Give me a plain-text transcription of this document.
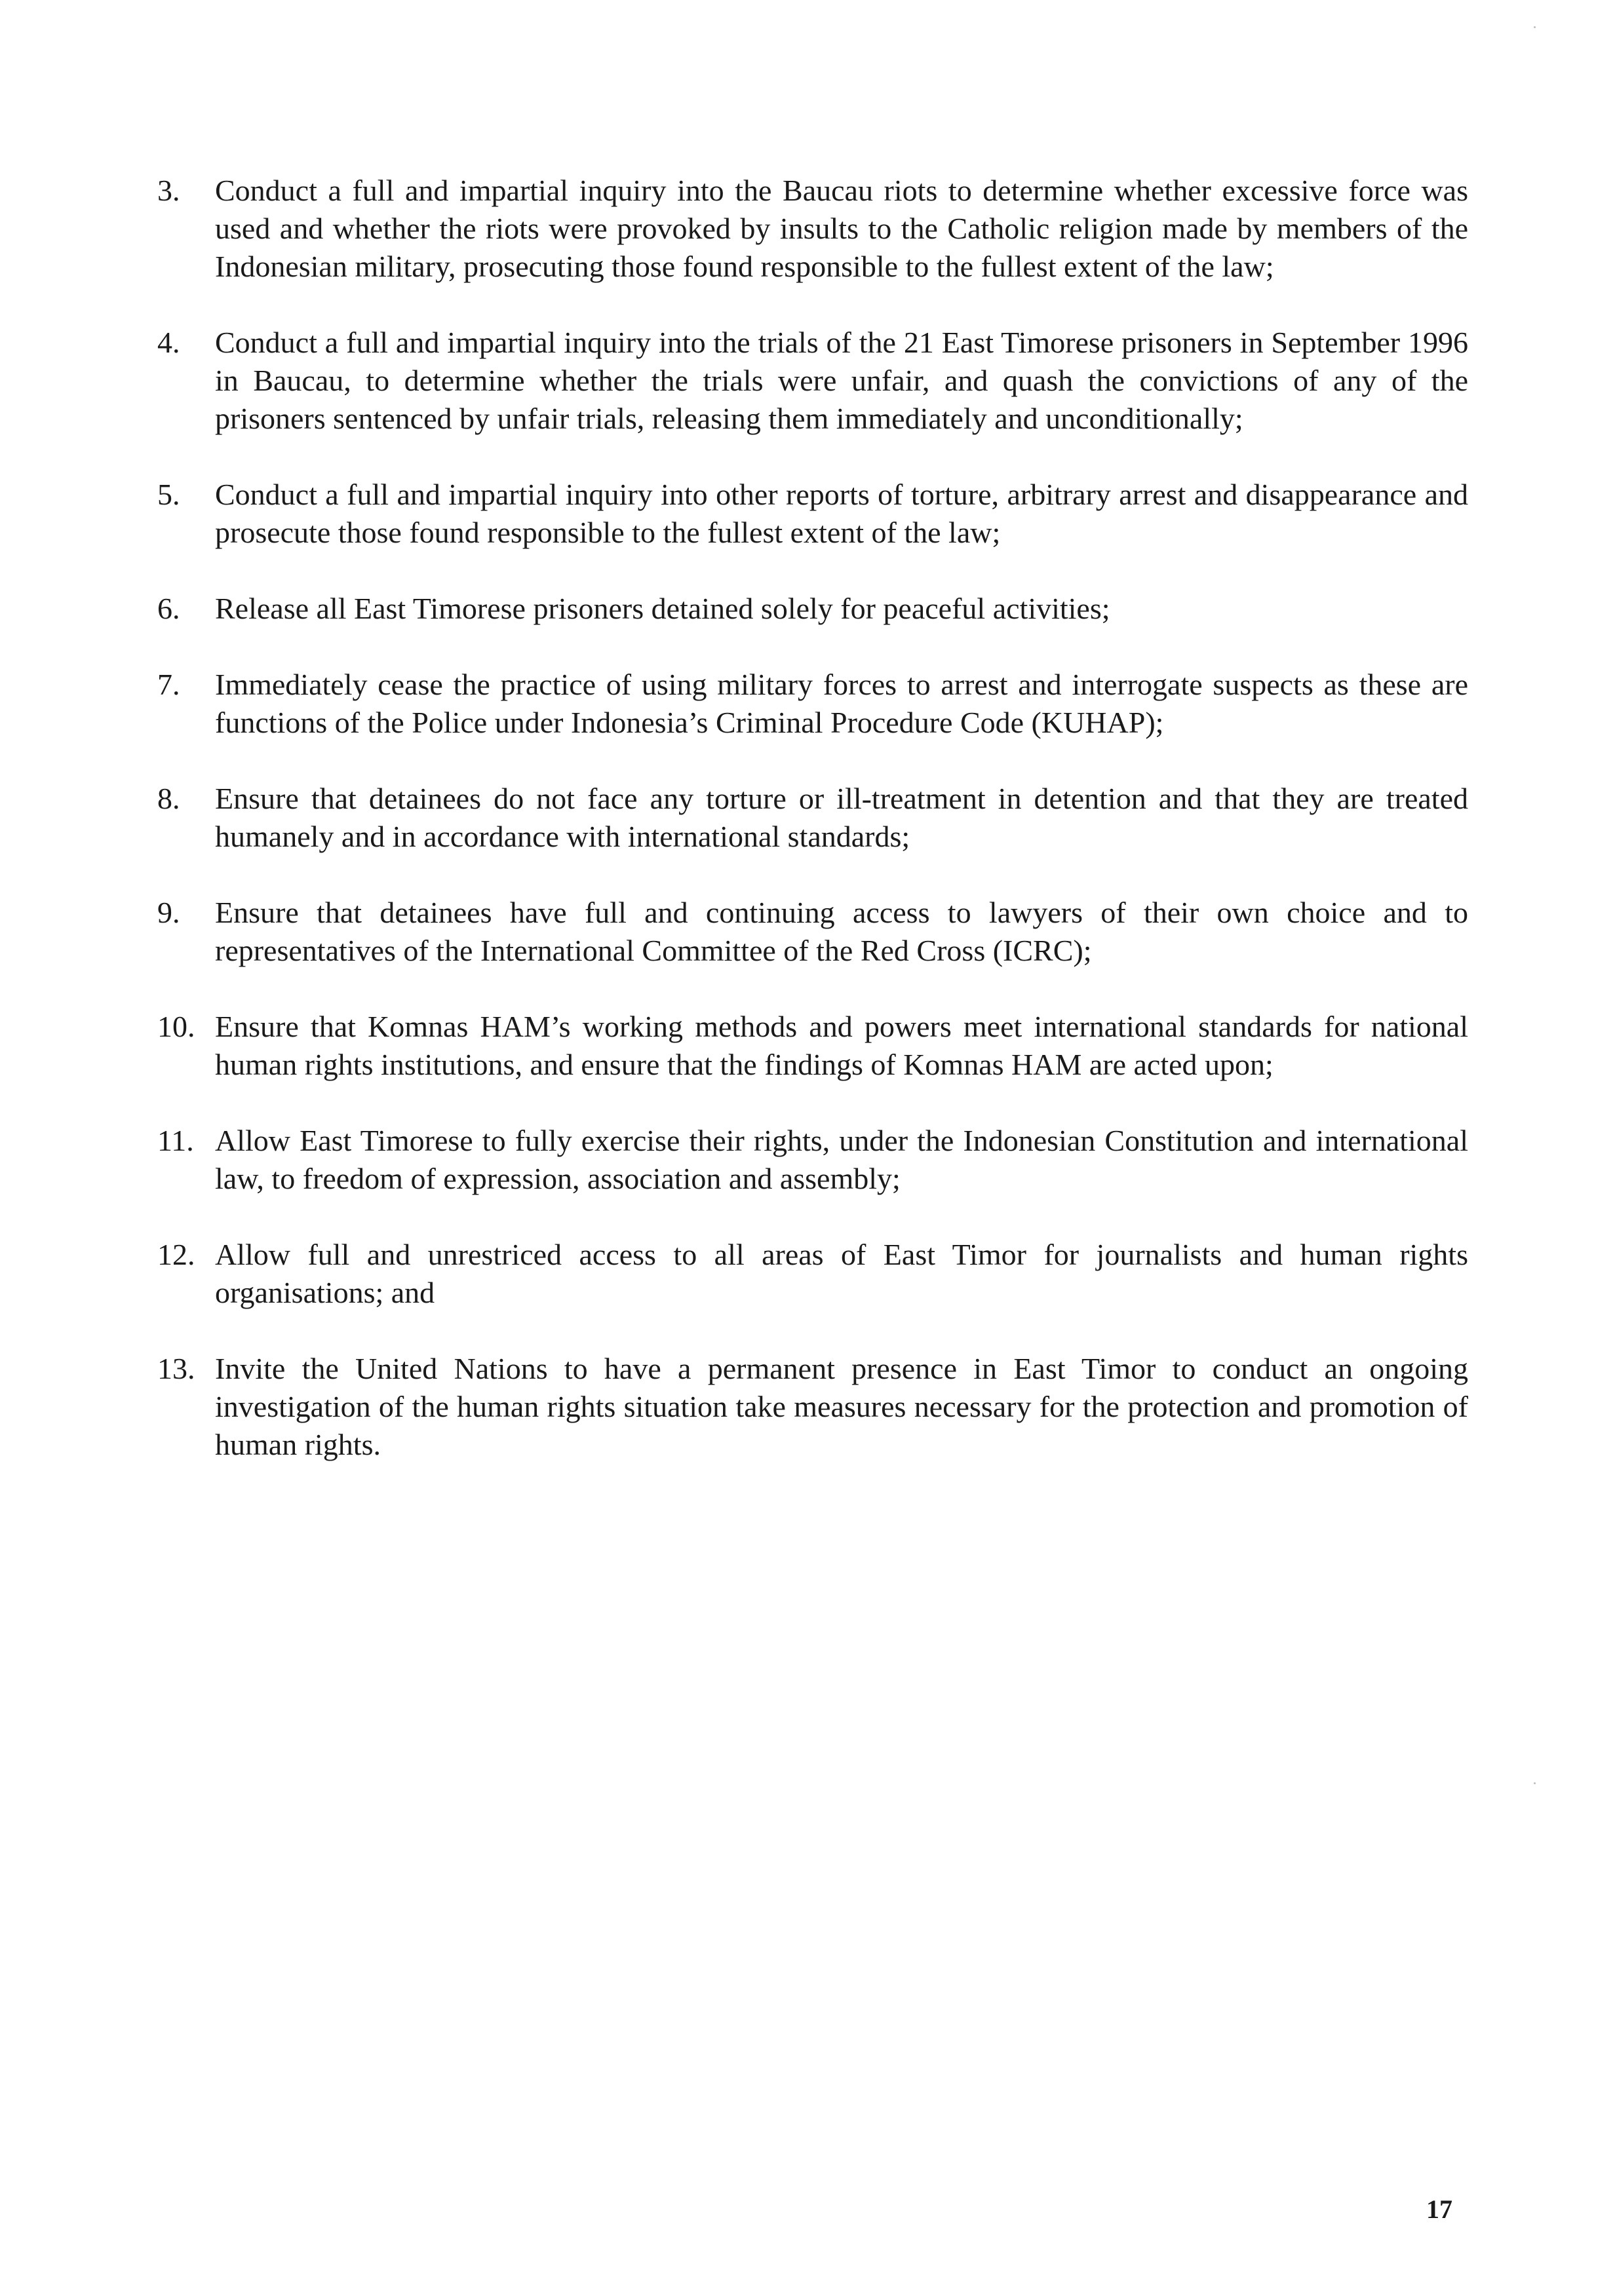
3.	Conduct a full and impartial inquiry into the Baucau riots to determine whether excessive force was used and whether the riots were provoked by insults to the Catholic religion made by members of the Indonesian military, prosecuting those found responsible to the fullest extent of the law;
4.	Conduct a full and impartial inquiry into the trials of the 21 East Timorese prisoners in September 1996 in Baucau, to determine whether the trials were unfair, and quash the convictions of any of the prisoners sentenced by unfair trials, releasing them immediately and unconditionally;
5.	Conduct a full and impartial inquiry into other reports of torture, arbitrary arrest and disappearance and prosecute those found responsible to the fullest extent of the law;
6.	Release all East Timorese prisoners detained solely for peaceful activities;
7.	Immediately cease the practice of using military forces to arrest and interrogate suspects as these are functions of the Police under Indonesia’s Criminal Procedure Code (KUHAP);
8.	Ensure that detainees do not face any torture or ill-treatment in detention and that they are treated humanely and in accordance with international standards;
9.	Ensure that detainees have full and continuing access to lawyers of their own choice and to representatives of the International Committee of the Red Cross (ICRC);
10. Ensure that Komnas HAM’s working methods and powers meet international standards for national human rights institutions, and ensure that the findings of Komnas HAM are acted upon;
11. Allow East Timorese to fully exercise their rights, under the Indonesian Constitution and international law, to freedom of expression, association and assembly;
12. Allow full and unrestriced access to all areas of East Timor for journalists and human rights organisations; and
13. Invite the United Nations to have a permanent presence in East Timor to conduct an ongoing investigation of the human rights situation take measures necessary for the protection and promotion of human rights.
17
